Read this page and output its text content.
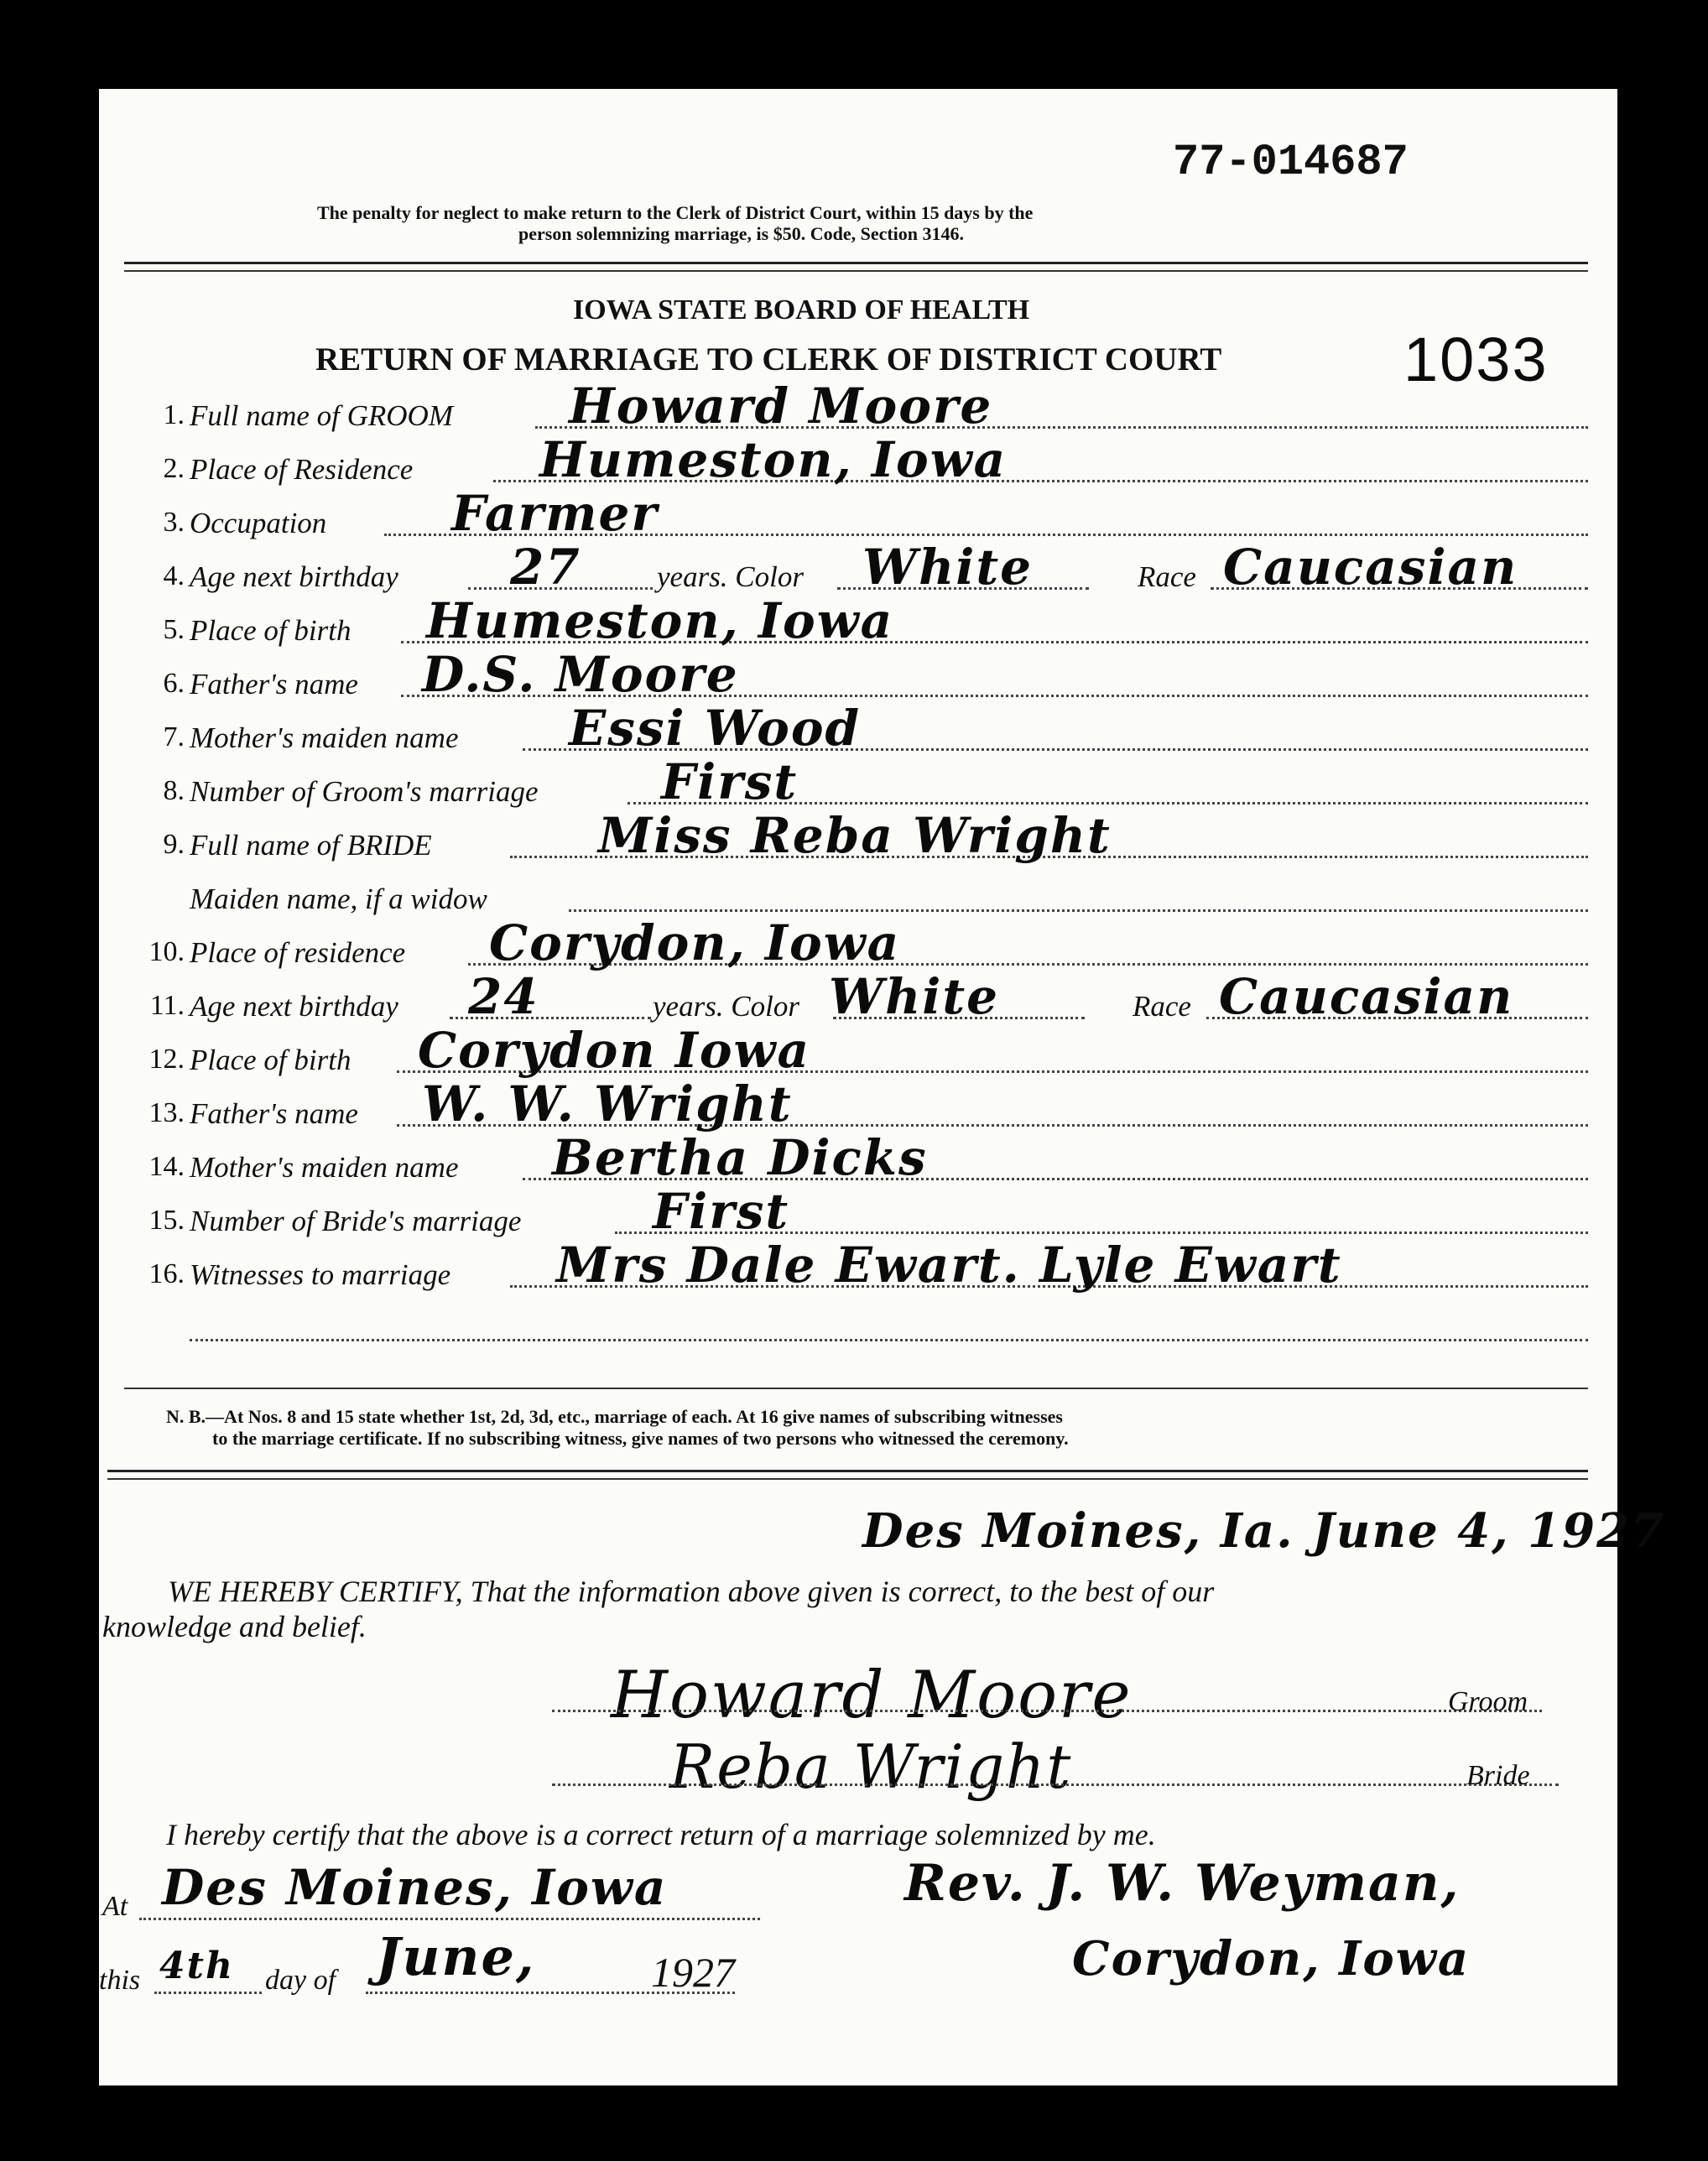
77-014687
The penalty for neglect to make return to the Clerk of District Court, within 15 days by the
person solemnizing marriage, is $50. Code, Section 3146.
IOWA STATE BOARD OF HEALTH
RETURN OF MARRIAGE TO CLERK OF DISTRICT COURT	1033
1. Full name of GROOM Howard Moore
2. Place of Residence	Humeston, Iowa
3. Occupation	Farmer
4. Age next birthday 27	years. Color White	Race Caucasian
5. Place of birth Humeston, Iowa
6. Father's name D.S. Moore
7. Mother's maiden name Essi Wood
8. Number of Groom's marriage	First
9. Full name of BRIDE	Miss Reba Wright
Maiden name, if a widow
10. Place of residence Corydon, Iowa
11. Age next birthday 24	years. Color White	Race Caucasian
12. Place of birth Corydon Iowa
13. Father's name W. W. Wright
14. Mother's maiden name Bertha Dicks
15. Number of Bride's marriage	First
16. Witnesses to marriage Mrs Dale Ewart. Lyle Ewart
N. B.—At Nos. 8 and 15 state whether 1st, 2d, 3d, etc., marriage of each. At 16 give names of subscribing witnesses
to the marriage certificate. If no subscribing witness, give names of two persons who witnessed the ceremony.
Des Moines, Ia. June 4, 1927
WE HEREBY CERTIFY, That the information above given is correct, to the best of our
knowledge and belief.
Howard Moore	Groom
Reba Wright	Bride
I hereby certify that the above is a correct return of a marriage solemnized by me.
At Des Moines, Iowa	Rev. J. W. Weyman,
this 4th day of June,	1927	Corydon, Iowa
